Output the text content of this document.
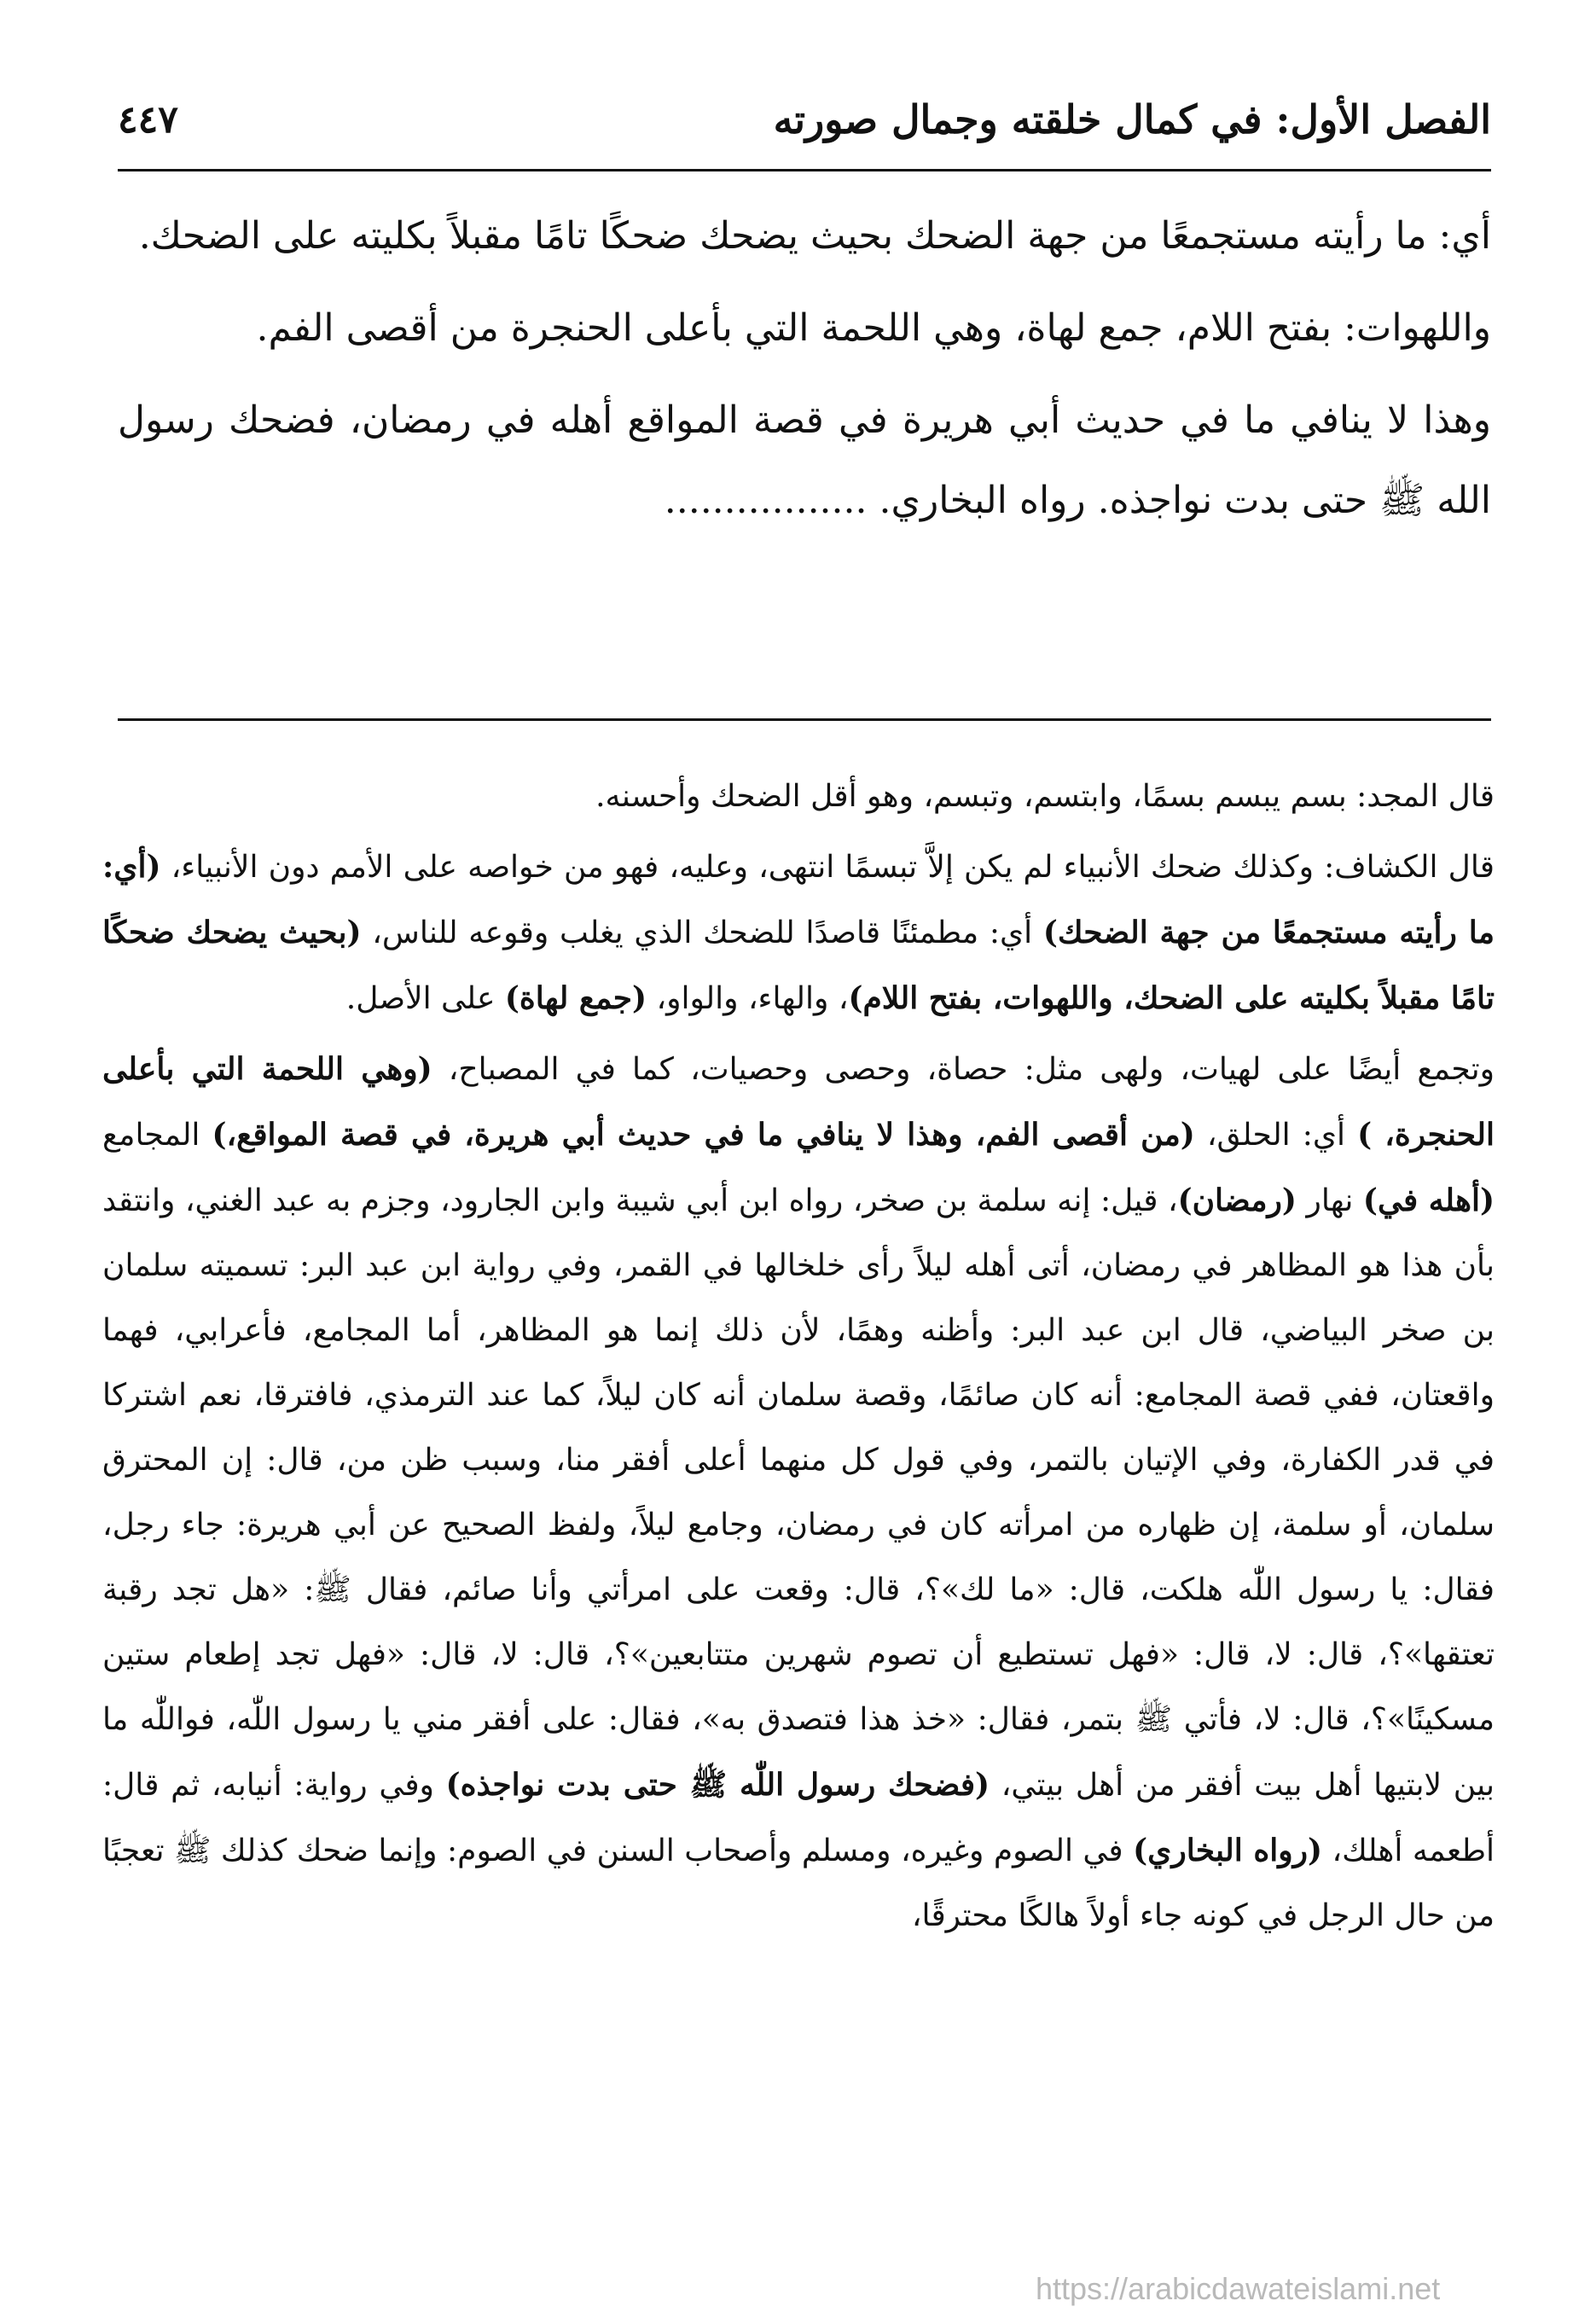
الفصل الأول: في كمال خلقته وجمال صورته
٤٤٧

أي: ما رأيته مستجمعًا من جهة الضحك بحيث يضحك ضحكًا تامًا مقبلاً بكليته على الضحك.

واللهوات: بفتح اللام، جمع لهاة، وهي اللحمة التي بأعلى الحنجرة من أقصى الفم.

وهذا لا ينافي ما في حديث أبي هريرة في قصة المواقع أهله في رمضان، فضحك رسول الله ﷺ حتى بدت نواجذه. رواه البخاري. .................

قال المجد: بسم يبسم بسمًا، وابتسم، وتبسم، وهو أقل الضحك وأحسنه.

قال الكشاف: وكذلك ضحك الأنبياء لم يكن إلاَّ تبسمًا انتهى، وعليه، فهو من خواصه على الأمم دون الأنبياء، (أي: ما رأيته مستجمعًا من جهة الضحك) أي: مطمئنًا قاصدًا للضحك الذي يغلب وقوعه للناس، (بحيث يضحك ضحكًا تامًا مقبلاً بكليته على الضحك، واللهوات، بفتح اللام)، والهاء، والواو، (جمع لهاة) على الأصل.

وتجمع أيضًا على لهيات، ولهى مثل: حصاة، وحصى وحصيات، كما في المصباح، (وهي اللحمة التي بأعلى الحنجرة، ) أي: الحلق، (من أقصى الفم، وهذا لا ينافي ما في حديث أبي هريرة، في قصة المواقع،) المجامع (أهله في) نهار (رمضان)، قيل: إنه سلمة بن صخر، رواه ابن أبي شيبة وابن الجارود، وجزم به عبد الغني، وانتقد بأن هذا هو المظاهر في رمضان، أتى أهله ليلاً رأى خلخالها في القمر، وفي رواية ابن عبد البر: تسميته سلمان بن صخر البياضي، قال ابن عبد البر: وأظنه وهمًا، لأن ذلك إنما هو المظاهر، أما المجامع، فأعرابي، فهما واقعتان، ففي قصة المجامع: أنه كان صائمًا، وقصة سلمان أنه كان ليلاً، كما عند الترمذي، فافترقا، نعم اشتركا في قدر الكفارة، وفي الإتيان بالتمر، وفي قول كل منهما أعلى أفقر منا، وسبب ظن من، قال: إن المحترق سلمان، أو سلمة، إن ظهاره من امرأته كان في رمضان، وجامع ليلاً، ولفظ الصحيح عن أبي هريرة: جاء رجل، فقال: يا رسول اللّٰه هلكت، قال: «ما لك»؟، قال: وقعت على امرأتي وأنا صائم، فقال ﷺ: «هل تجد رقبة تعتقها»؟، قال: لا، قال: «فهل تستطيع أن تصوم شهرين متتابعين»؟، قال: لا، قال: «فهل تجد إطعام ستين مسكينًا»؟، قال: لا، فأتي ﷺ بتمر، فقال: «خذ هذا فتصدق به»، فقال: على أفقر مني يا رسول اللّٰه، فواللّٰه ما بين لابتيها أهل بيت أفقر من أهل بيتي، (فضحك رسول اللّٰه ﷺ حتى بدت نواجذه) وفي رواية: أنيابه، ثم قال: أطعمه أهلك، (رواه البخاري) في الصوم وغيره، ومسلم وأصحاب السنن في الصوم: وإنما ضحك كذلك ﷺ تعجبًا من حال الرجل في كونه جاء أولاً هالكًا محترقًا،

https://arabicdawateislami.net
